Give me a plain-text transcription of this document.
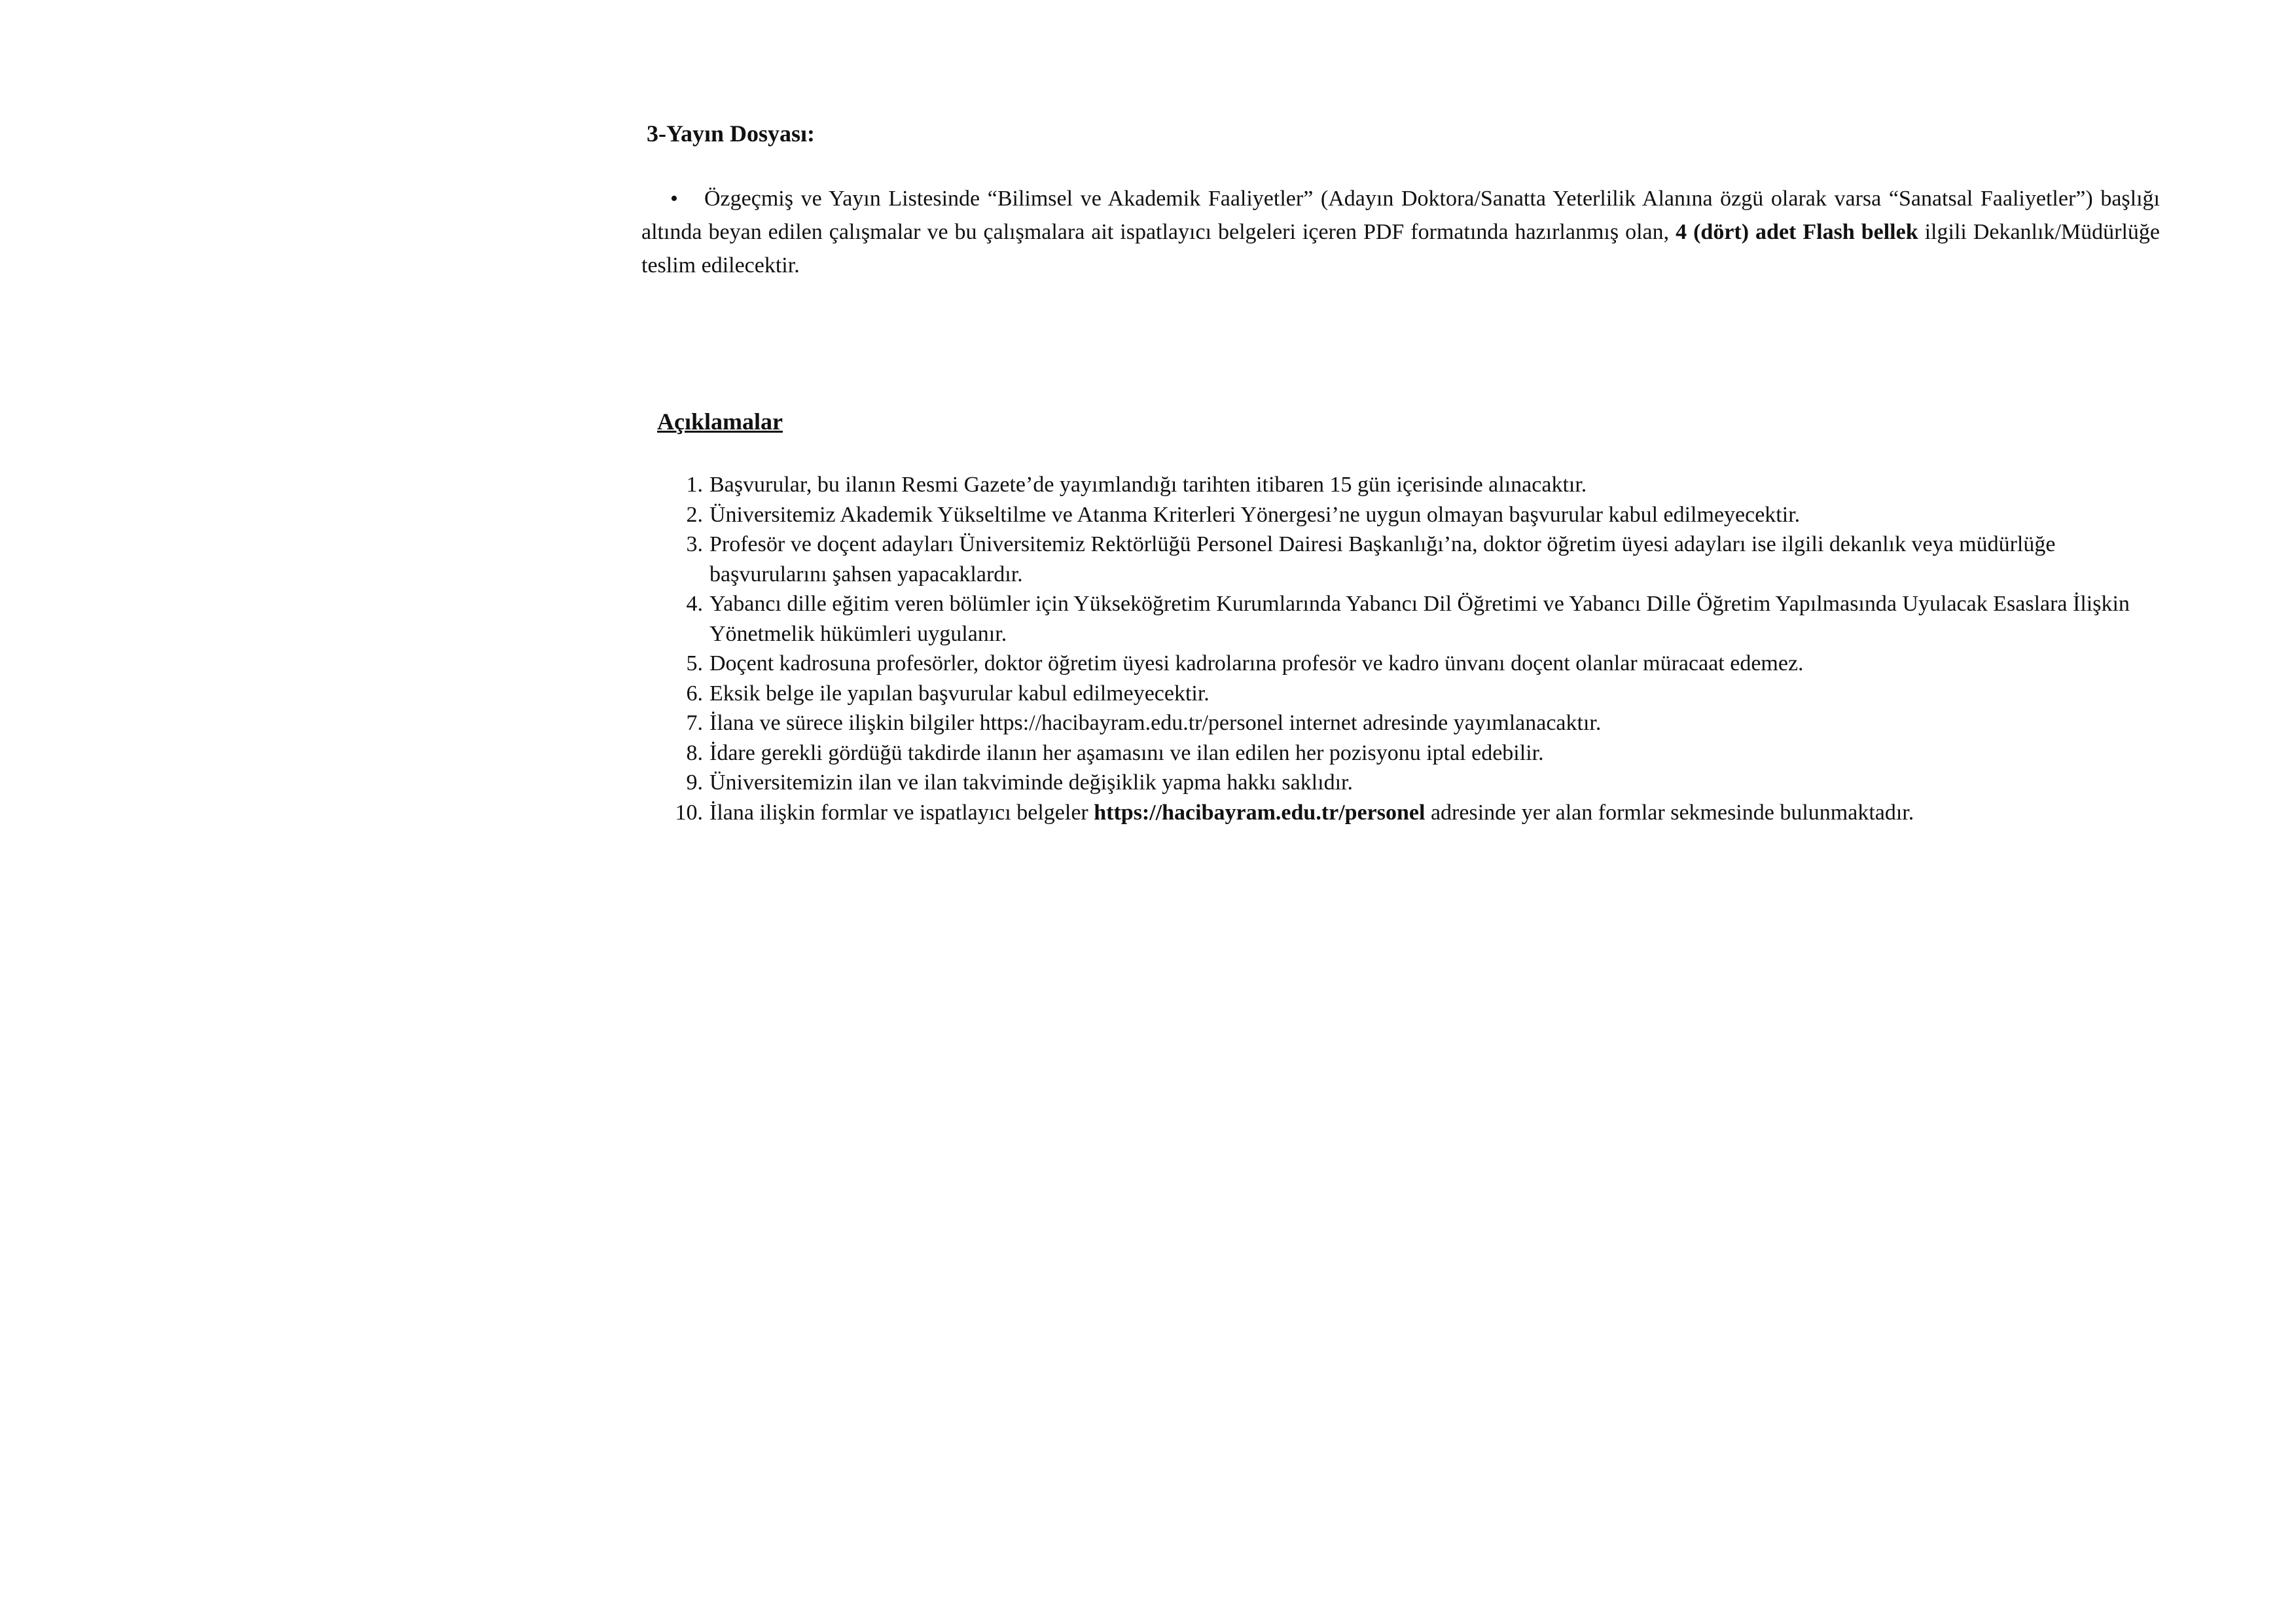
3-Yayın Dosyası:

• Özgeçmiş ve Yayın Listesinde “Bilimsel ve Akademik Faaliyetler” (Adayın Doktora/Sanatta Yeterlilik Alanına özgü olarak varsa “Sanatsal Faaliyetler”) başlığı altında beyan edilen çalışmalar ve bu çalışmalara ait ispatlayıcı belgeleri içeren PDF formatında hazırlanmış olan, 4 (dört) adet Flash bellek ilgili Dekanlık/Müdürlüğe teslim edilecektir.

Açıklamalar
1. Başvurular, bu ilanın Resmi Gazete’de yayımlandığı tarihten itibaren 15 gün içerisinde alınacaktır.
2. Üniversitemiz Akademik Yükseltilme ve Atanma Kriterleri Yönergesi’ne uygun olmayan başvurular kabul edilmeyecektir.
3. Profesör ve doçent adayları Üniversitemiz Rektörlüğü Personel Dairesi Başkanlığı’na, doktor öğretim üyesi adayları ise ilgili dekanlık veya müdürlüğe başvurularını şahsen yapacaklardır.
4. Yabancı dille eğitim veren bölümler için Yükseköğretim Kurumlarında Yabancı Dil Öğretimi ve Yabancı Dille Öğretim Yapılmasında Uyulacak Esaslara İlişkin Yönetmelik hükümleri uygulanır.
5. Doçent kadrosuna profesörler, doktor öğretim üyesi kadrolarına profesör ve kadro ünvanı doçent olanlar müracaat edemez.
6. Eksik belge ile yapılan başvurular kabul edilmeyecektir.
7. İlana ve sürece ilişkin bilgiler https://hacibayram.edu.tr/personel internet adresinde yayımlanacaktır.
8. İdare gerekli gördüğü takdirde ilanın her aşamasını ve ilan edilen her pozisyonu iptal edebilir.
9. Üniversitemizin ilan ve ilan takviminde değişiklik yapma hakkı saklıdır.
10. İlana ilişkin formlar ve ispatlayıcı belgeler https://hacibayram.edu.tr/personel adresinde yer alan formlar sekmesinde bulunmaktadır.
